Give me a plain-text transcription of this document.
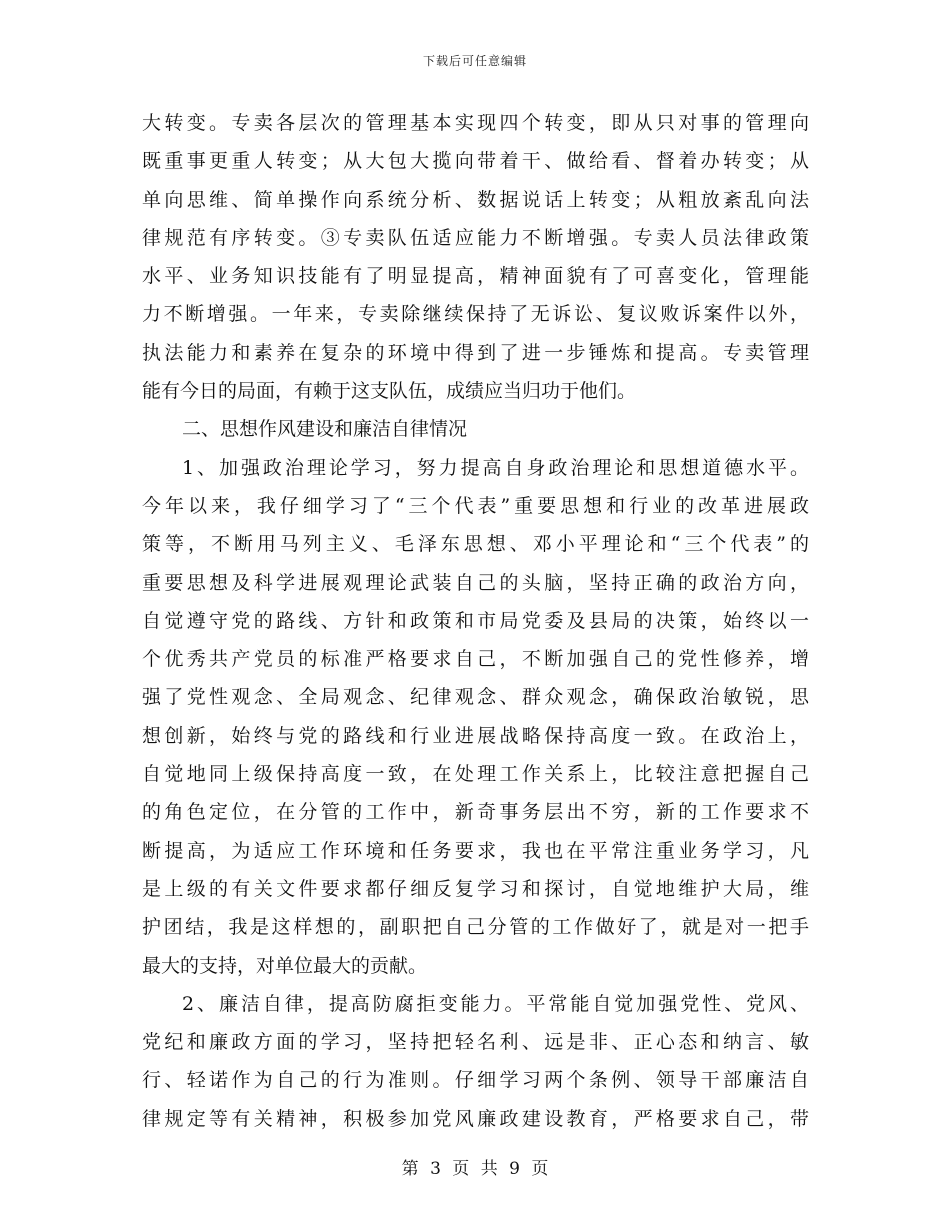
下载后可任意编辑
大转变。专卖各层次的管理基本实现四个转变，即从只对事的管理向
既重事更重人转变；从大包大揽向带着干、做给看、督着办转变；从
单向思维、简单操作向系统分析、数据说话上转变；从粗放紊乱向法
律规范有序转变。③专卖队伍适应能力不断增强。专卖人员法律政策
水平、业务知识技能有了明显提高，精神面貌有了可喜变化，管理能
力不断增强。一年来，专卖除继续保持了无诉讼、复议败诉案件以外，
执法能力和素养在复杂的环境中得到了进一步锤炼和提高。专卖管理
能有今日的局面，有赖于这支队伍，成绩应当归功于他们。
二、思想作风建设和廉洁自律情况
1、加强政治理论学习，努力提高自身政治理论和思想道德水平。
今年以来，我仔细学习了“三个代表”重要思想和行业的改革进展政
策等，不断用马列主义、毛泽东思想、邓小平理论和“三个代表”的
重要思想及科学进展观理论武装自己的头脑，坚持正确的政治方向，
自觉遵守党的路线、方针和政策和市局党委及县局的决策，始终以一
个优秀共产党员的标准严格要求自己，不断加强自己的党性修养，增
强了党性观念、全局观念、纪律观念、群众观念，确保政治敏锐，思
想创新，始终与党的路线和行业进展战略保持高度一致。在政治上，
自觉地同上级保持高度一致，在处理工作关系上，比较注意把握自己
的角色定位，在分管的工作中，新奇事务层出不穷，新的工作要求不
断提高，为适应工作环境和任务要求，我也在平常注重业务学习，凡
是上级的有关文件要求都仔细反复学习和探讨，自觉地维护大局，维
护团结，我是这样想的，副职把自己分管的工作做好了，就是对一把手
最大的支持，对单位最大的贡献。
2、廉洁自律，提高防腐拒变能力。平常能自觉加强党性、党风、
党纪和廉政方面的学习，坚持把轻名利、远是非、正心态和纳言、敏
行、轻诺作为自己的行为准则。仔细学习两个条例、领导干部廉洁自
律规定等有关精神，积极参加党风廉政建设教育，严格要求自己，带
第 3 页 共 9 页
